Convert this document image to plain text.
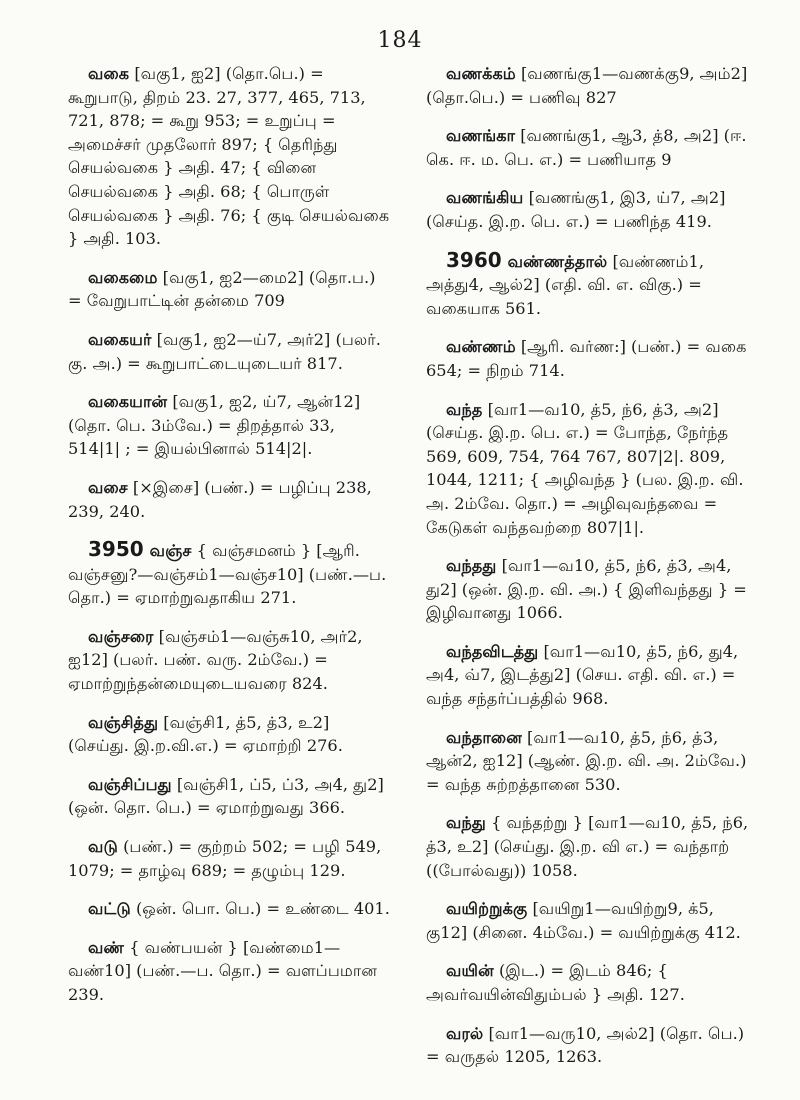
184
வகை [வகு1, ஐ2] (தொ.பெ.) = கூறுபாடு, திறம் 23. 27, 377, 465, 713, 721, 878; = கூறு 953; = உறுப்பு = அமைச்சர் முதலோர் 897; { தெரிந்து செயல்வகை } அதி. 47; { வினை செயல்வகை } அதி. 68; { பொருள் செயல்வகை } அதி. 76; { குடி செயல்வகை } அதி. 103.
வகைமை [வகு1, ஐ2—மை2] (தொ.ப.) = வேறுபாட்டின் தன்மை 709
வகையர் [வகு1, ஐ2—ய்7, அர்2] (பலர். கு. அ.) = கூறுபாட்டையுடையர் 817.
வகையான் [வகு1, ஐ2, ய்7, ஆன்12] (தொ. பெ. 3ம்வே.) = திறத்தால் 33, 514|1| ; = இயல்பினால் 514|2|.
வசை [×இசை] (பண்.) = பழிப்பு 238, 239, 240.
3950 வஞ்ச { வஞ்சமனம் } [ஆரி. வஞ்சனு?—வஞ்சம்1—வஞ்ச10] (பண்.—ப. தொ.) = ஏமாற்றுவதாகிய 271.
வஞ்சரை [வஞ்சம்1—வஞ்சு10, அர்2, ஐ12] (பலர். பண். வரு. 2ம்வே.) = ஏமாற்றுந்தன்மையுடையவரை 824.
வஞ்சித்து [வஞ்சி1, த்5, த்3, உ2] (செய்து. இ.ற.வி.எ.) = ஏமாற்றி 276.
வஞ்சிப்பது [வஞ்சி1, ப்5, ப்3, அ4, து2] (ஒன். தொ. பெ.) = ஏமாற்றுவது 366.
வடு (பண்.) = குற்றம் 502; = பழி 549, 1079; = தாழ்வு 689; = தழும்பு 129.
வட்டு (ஒன். பொ. பெ.) = உண்டை 401.
வண் { வண்பயன் } [வண்மை1—வண்10] (பண்.—ப. தொ.) = வளப்பமான 239.
வணக்கம் [வணங்கு1—வணக்கு9, அம்2] (தொ.பெ.) = பணிவு 827
வணங்கா [வணங்கு1, ஆ3, த்8, அ2] (ஈ. கெ. ஈ. ம. பெ. எ.) = பணியாத 9
வணங்கிய [வணங்கு1, இ3, ய்7, அ2] (செய்த. இ.ற. பெ. எ.) = பணிந்த 419.
3960 வண்ணத்தால் [வண்ணம்1, அத்து4, ஆல்2] (எதி. வி. எ. விகு.) = வகையாக 561.
வண்ணம் [ஆரி. வர்ண:] (பண்.) = வகை 654; = நிறம் 714.
வந்த [வா1—வ10, த்5, ந்6, த்3, அ2] (செய்த. இ.ற. பெ. எ.) = போந்த, நேர்ந்த 569, 609, 754, 764 767, 807|2|. 809, 1044, 1211; { அழிவந்த } (பல. இ.ற. வி. அ. 2ம்வே. தொ.) = அழிவுவந்தவை = கேடுகள் வந்தவற்றை 807|1|.
வந்தது [வா1—வ10, த்5, ந்6, த்3, அ4, து2] (ஒன். இ.ற. வி. அ.) { இளிவந்தது } = இழிவானது 1066.
வந்தவிடத்து [வா1—வ10, த்5, ந்6, து4, அ4, வ்7, இடத்து2] (செய. எதி. வி. எ.) = வந்த சந்தர்ப்பத்தில் 968.
வந்தானை [வா1—வ10, த்5, ந்6, த்3, ஆன்2, ஐ12] (ஆண். இ.ற. வி. அ. 2ம்வே.) = வந்த சுற்றத்தானை 530.
வந்து { வந்தற்று } [வா1—வ10, த்5, ந்6, த்3, உ2] (செய்து. இ.ற. வி எ.) = வந்தாற் ((போல்வது)) 1058.
வயிற்றுக்கு [வயிறு1—வயிற்று9, க்5, கு12] (சினை. 4ம்வே.) = வயிற்றுக்கு 412.
வயின் (இட.) = இடம் 846; { அவர்வயின்விதும்பல் } அதி. 127.
வரல் [வா1—வரு10, அல்2] (தொ. பெ.) = வருதல் 1205, 1263.
